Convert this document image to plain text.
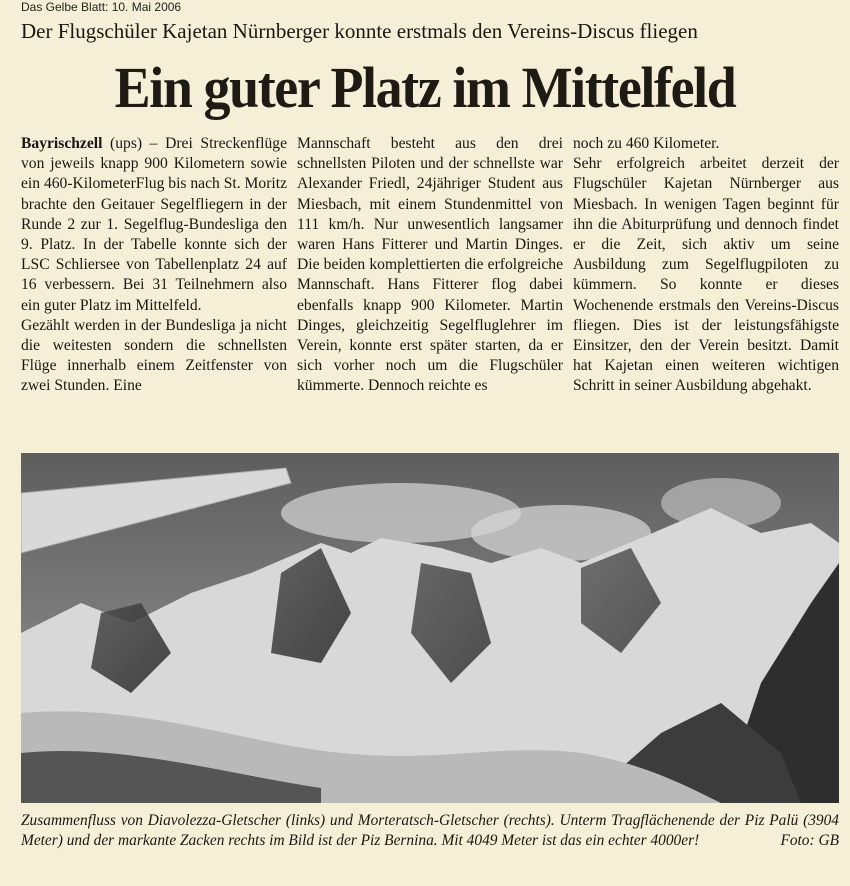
Das Gelbe Blatt: 10. Mai 2006
Der Flugschüler Kajetan Nürnberger konnte erstmals den Vereins-Discus fliegen
Ein guter Platz im Mittelfeld

Bayrischzell (ups) – Drei Streckenflüge von jeweils knapp 900 Kilometern sowie ein 460-KilometerFlug bis nach St. Moritz brachte den Geitauer Segelfliegern in der Runde 2 zur 1. Segelflug-Bundesliga den 9. Platz. In der Tabelle konnte sich der LSC Schliersee von Tabellenplatz 24 auf 16 verbessern. Bei 31 Teilnehmern also ein guter Platz im Mittelfeld.

Gezählt werden in der Bundesliga ja nicht die weitesten sondern die schnellsten Flüge innerhalb einem Zeitfenster von zwei Stunden. Eine

Mannschaft besteht aus den drei schnellsten Piloten und der schnellste war Alexander Friedl, 24jähriger Student aus Miesbach, mit einem Stundenmittel von 111 km/h. Nur unwesentlich langsamer waren Hans Fitterer und Martin Dinges. Die beiden komplettierten die erfolgreiche Mannschaft. Hans Fitterer flog dabei ebenfalls knapp 900 Kilometer. Martin Dinges, gleichzeitig Segelfluglehrer im Verein, konnte erst später starten, da er sich vorher noch um die Flugschüler kümmerte. Dennoch reichte es

noch zu 460 Kilometer.

Sehr erfolgreich arbeitet derzeit der Flugschüler Kajetan Nürnberger aus Miesbach. In wenigen Tagen beginnt für ihn die Abiturprüfung und dennoch findet er die Zeit, sich aktiv um seine Ausbildung zum Segelflugpiloten zu kümmern. So konnte er dieses Wochenende erstmals den Vereins-Discus fliegen. Dies ist der leistungsfähigste Einsitzer, den der Verein besitzt. Damit hat Kajetan einen weiteren wichtigen Schritt in seiner Ausbildung abgehakt.

Zusammenfluss von Diavolezza-Gletscher (links) und Morteratsch-Gletscher (rechts). Unterm Tragflächenende der Piz Palü (3904 Meter) und der markante Zacken rechts im Bild ist der Piz Bernina. Mit 4049 Meter ist das ein echter 4000er!	Foto: GB
